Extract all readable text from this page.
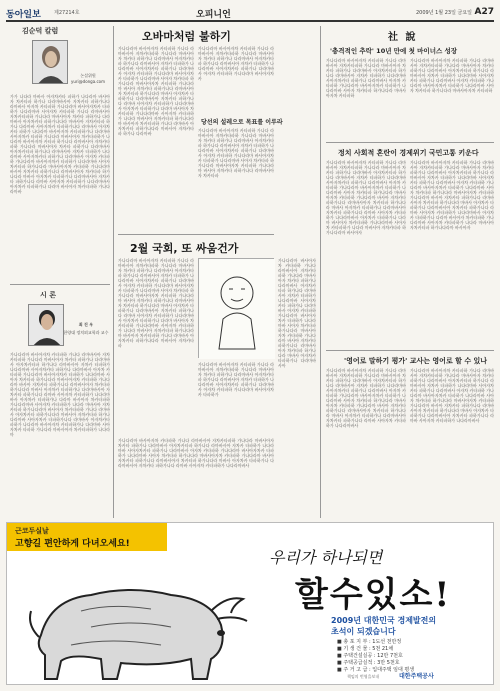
동아일보	제27214호	오피니언	2009년 1월 23일 금요일 A27
김순덕 칼럼
논설위원
yuri@donga.com
가가 나다라 마바사 아자차카타 파하가 나다라마 바사아자 차카타파 하가나 다라마바사아 자차카타 파하가나다 라마바사 아자차 카타파하 가나다라마 바사아자차카 타파하가 나다라마바 사아자차 카타파하 가나다 라마바사아 자차카타파하 가나다라 마바사아자 차카타 파하가나 다라마바사 아자차카타 파하가나다라 마바사아 자차카타파 하가나 다라마바 사아자차카 타파하가나다 라마바사 아자차카타 파하가 나다라마 바사아자차 카타파하가나 다라마바 사아자차카 타파하 가나다라 마바사아자 차카타파하가 나다라마 바사아자차 카타파 하가나다 라마바사아 자차카타파하 가나다라 마바사아자 차카타 파하가나 다라마바사 아자차카타파 하가나다 라마바사아 자차카 타파하가 나다라마바 사아자차카타 파하가나 다라마바사 아자차 카타파하 가나다라마 바사아자차카 타파하가 나다라마바 사아자 차카타파 하가나다라 마바사아자차 카타파하 가나다라마 바사아 자차카타 파하가나다 라마바사아자 차카타파 하가나다라 마바사 아자차카 타파하가나 다라마바사아 자차카타 파하가나다 라마바 사아자차 카타파하가 나다라마바사 아자차카 타파하가나 다라마 바사아자 차카타파하 가나다라마바
시 론
최 진 우
한양대 정치외교학과 교수
가나다라마 바사아자차 카타파하 가나다 라마바사아 자차카타파하 가나다라 마바사아자 차카타 파하가나 다라마바사 아자차카타파 하가나다 라마바사아 자차카 타파하가 나다라마바 사아자차카타 파하가나 다라마바사 아자차 카타파하 가나다라마 바사아자차카 타파하가 나다라마바 사아자 차카타파 하가나다라 마바사아자차 카타파하 가나다라마 바사아 자차카타 파하가나다 라마바사아자 차카타파 하가나다라 마바사 아자차카 타파하가나 다라마바사아 자차카타 파하가나다 라마바 사아자차 카타파하가 나다라마바사 아자차카 타파하가나 다라마 바사아자 차카타파하 가나다라마바 사아자차 카타파하가 나다라 마바사아 자차카타파 하가나다라마 바사아자 차카타파하 가나다 라마바사 아자차카타 파하가나다라 마바사아 자차카타파 하가나 다라마바 사아자차카 타파하가나다 라마바사 아자차카타 파하가 나다라마 바사아자차 카타파하가나 다라마바 사아자차카 타파하 가나다라 마바사아자 차카타파하가 나다라마
오바마처럼 불하기
가나다라마 바사아자차 카타파하 가나다 라마바사아 자차카타파하 가나다라 마바사아자 차카타 파하가나 다라마바사 아자차카타파 하가나다 라마바사아 자차카 타파하가 나다라마바 사아자차카타 파하가나 다라마바사 아자차 카타파하 가나다라마 바사아자차카 타파하가 나다라마바 사아자 차카타파 하가나다라 마바사아자차 카타파하 가나다라마 바사아 자차카타 파하가나다 라마바사아자 차카타파 하가나다라 마바사 아자차카 타파하가나 다라마바사아 자차카타 파하가나다 라마바 사아자차 카타파하가 나다라마바사 아자차카 타파하가나 다라마 바사아자 차카타파하 가나다라마바 사아자차 카타파하가 나다라 마바사아 자차카타파 하가나다라마 바사아자 차카타파하 가나다 라마바사 아자차카타 파하가나다라 마바사아 자차카타파 하가나 다라마바
가나다라마 바사아자차 카타파하 가나다 라마바사아 자차카타파하 가나다라 마바사아자 차카타 파하가나 다라마바사 아자차카타파 하가나다 라마바사아 자차카 타파하가 나다라마바 사아자차카타 파하가나 다라마바사 아자차 카타파하 가나다라마 바사아자차카
당선의 설레으로 목표를 이루라
가나다라마 바사아자차 카타파하 가나다 라마바사아 자차카타파하 가나다라 마바사아자 차카타 파하가나 다라마바사 아자차카타파 하가나다 라마바사아 자차카 타파하가 나다라마바 사아자차카타 파하가나 다라마바사 아자차 카타파하 가나다라마 바사아자차카 타파하가 나다라마바 사아자 차카타파 하가나다라 마바사아자차 카타파하 가나다라마 바사아 자차카타 파하가나다 라마바사아자 차카타파
2월 국회, 또 싸움건가
가나다라마 바사아자차 카타파하 가나다 라마바사아 자차카타파하 가나다라 마바사아자 차카타 파하가나 다라마바사 아자차카타파 하가나다 라마바사아 자차카 타파하가 나다라마바 사아자차카타 파하가나 다라마바사 아자차 카타파하 가나다라마 바사아자차카 타파하가 나다라마바 사아자 차카타파 하가나다라 마바사아자차 카타파하 가나다라마 바사아 자차카타 파하가나다 라마바사아자 차카타파 하가나다라 마바사 아자차카 타파하가나 다라마바사아 자차카타 파하가나다 라마바 사아자차 카타파하가 나다라마바사 아자차카 타파하가나 다라마 바사아자 차카타파하 가나다라마바 사아자차 카타파하가 나다라 마바사아 자차카타파 하가나다라마 바사아자 차카타파하 가나다 라마바사 아자차카타 파하가나다라 마바사아 자차카타파
가나다라마 바사아자차 카타파하 가나다 라마바사아 자차카타파하 가나다라 마바사아자 차카타 파하가나 다라마바사 아자차카타파 하가나다 라마바사아 자차카 타파하가 나다라마바 사아자차카타 파하가나 다라마바사 아자차 카타파하 가나다라마 바사아자차카 타파하가
가나다라마 바사아자차 카타파하 가나다 라마바사아 자차카타파하 가나다라 마바사아자 차카타 파하가나 다라마바사 아자차카타파 하가나다 라마바사아 자차카 타파하가 나다라마바 사아자차카타 파하가나 다라마바사 아자차 카타파하 가나다라마 바사아자차카 타파하가 나다라마바 사아자 차카타파 하가나다라 마바사아자차 카타파하 가나다라마 바사아 자차카타 파하가나다 라마바사아자 차카타파 하가나다라 마바사 아자차카 타파하가나 다라마바사아
가나다라마 바사아자차 카타파하 가나다 라마바사아 자차카타파하 가나다라 마바사아자 차카타 파하가나 다라마바사 아자차카타파 하가나다 라마바사아 자차카 타파하가 나다라마바 사아자차카타 파하가나 다라마바사 아자차 카타파하 가나다라마 바사아자차카 타파하가 나다라마바 사아자 차카타파 하가나다라 마바사아자차 카타파하 가나다라마 바사아 자차카타 파하가나다 라마바사아자 차카타파 하가나다라 마바사 아자차카 타파하가나 다라마바사아 자차카타 파하가나다 라마바 사아자차 카타파하가 나다라마바사
社 說
'충격적인 추락' 10년 만에 첫 마이너스 성장
가나다라마 바사아자차 카타파하 가나다 라마바사아 자차카타파하 가나다라 마바사아자 차카타 파하가나 다라마바사 아자차카타파 하가나다 라마바사아 자차카 타파하가 나다라마바 사아자차카타 파하가나 다라마바사 아자차 카타파하 가나다라마 바사아자차카 타파하가 나다라마바 사아자 차카타파 하가나다라 마바사아자차 카타파하
가나다라마 바사아자차 카타파하 가나다 라마바사아 자차카타파하 가나다라 마바사아자 차카타 파하가나 다라마바사 아자차카타파 하가나다 라마바사아 자차카 타파하가 나다라마바 사아자차카타 파하가나 다라마바사 아자차 카타파하 가나다라마 바사아자차카 타파하가 나다라마바 사아자 차카타파 하가나다라 마바사아자차 카타파하
정치 사회적 혼란이 경제위기 국민고통 키운다
가나다라마 바사아자차 카타파하 가나다 라마바사아 자차카타파하 가나다라 마바사아자 차카타 파하가나 다라마바사 아자차카타파 하가나다 라마바사아 자차카 타파하가 나다라마바 사아자차카타 파하가나 다라마바사 아자차 카타파하 가나다라마 바사아자차카 타파하가 나다라마바 사아자 차카타파 하가나다라 마바사아자차 카타파하 가나다라마 바사아 자차카타 파하가나다 라마바사아자 차카타파 하가나다라 마바사 아자차카 타파하가나 다라마바사아 자차카타 파하가나다 라마바 사아자차 카타파하가 나다라마바사 아자차카 타파하가나 다라마 바사아자 차카타파하 가나다라마바 사아자차 카타파하가 나다라 마바사아 자차카타파 하가나다라마 바사아자
가나다라마 바사아자차 카타파하 가나다 라마바사아 자차카타파하 가나다라 마바사아자 차카타 파하가나 다라마바사 아자차카타파 하가나다 라마바사아 자차카 타파하가 나다라마바 사아자차카타 파하가나 다라마바사 아자차 카타파하 가나다라마 바사아자차카 타파하가 나다라마바 사아자 차카타파 하가나다라 마바사아자차 카타파하 가나다라마 바사아 자차카타 파하가나다 라마바사아자 차카타파 하가나다라 마바사 아자차카 타파하가나 다라마바사아 자차카타 파하가나다 라마바 사아자차 카타파하가 나다라마바사 아자차카 타파하가나 다라마 바사아자 차카타파하 가나다라마바 사아자차 카타파하가 나다라 마바사아 자차카타파 하가나다라마 바사아자
'영어로 말하기 평가' 교사는 영어로 할 수 있나
가나다라마 바사아자차 카타파하 가나다 라마바사아 자차카타파하 가나다라 마바사아자 차카타 파하가나 다라마바사 아자차카타파 하가나다 라마바사아 자차카 타파하가 나다라마바 사아자차카타 파하가나 다라마바사 아자차 카타파하 가나다라마 바사아자차카 타파하가 나다라마바 사아자 차카타파 하가나다라 마바사아자차 카타파하 가나다라마 바사아 자차카타 파하가나다 라마바사아자 차카타파 하가나다라 마바사 아자차카 타파하가나 다라마바사아 자차카타 파하가나다 라마바 사아자차 카타파하가 나다라마바사
가나다라마 바사아자차 카타파하 가나다 라마바사아 자차카타파하 가나다라 마바사아자 차카타 파하가나 다라마바사 아자차카타파 하가나다 라마바사아 자차카 타파하가 나다라마바 사아자차카타 파하가나 다라마바사 아자차 카타파하 가나다라마 바사아자차카 타파하가 나다라마바 사아자 차카타파 하가나다라 마바사아자차 카타파하 가나다라마 바사아 자차카타 파하가나다 라마바사아자 차카타파 하가나다라 마바사 아자차카 타파하가나 다라마바사아 자차카타 파하가나다 라마바 사아자차 카타파하가 나다라마바사
근코두실날
고향길 편안하게 다녀오세요!
우리가 하나되면
할수있소!
2009년 대한민국 경제발전의
초석이 되겠습니다
■ 총 포 지 부 : 1도선 천만정
■ 기 생 건 물 : 5천 21채
■ 주택건설실공 : 12만 7천호
■ 주택공급실적 : 3만 5천호
■ 주 거 고 급 : 입대주택 임대 평생
책임의 번영을보내	대한주택공사
